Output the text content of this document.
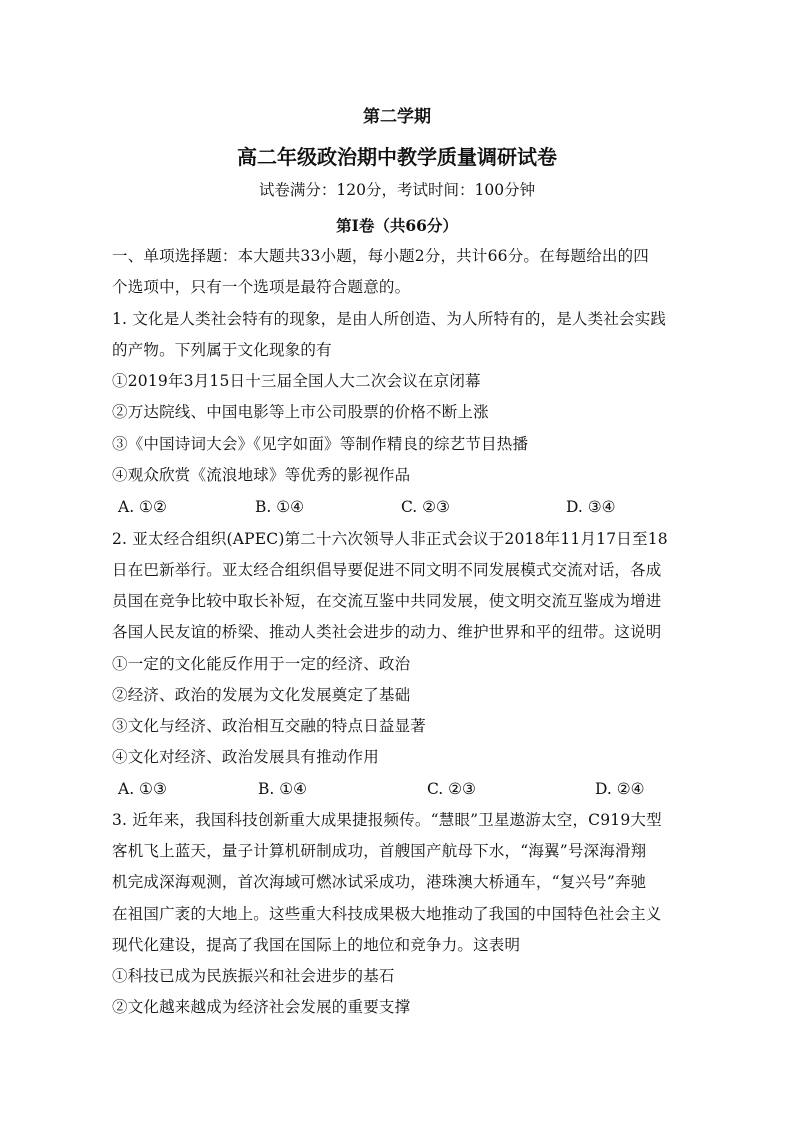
第二学期
高二年级政治期中教学质量调研试卷
试卷满分：120分，考试时间：100分钟
第Ⅰ卷（共66分）
一、单项选择题：本大题共33小题，每小题2分，共计66分。在每题给出的四
个选项中，只有一个选项是最符合题意的。
1. 文化是人类社会特有的现象，是由人所创造、为人所特有的，是人类社会实践
的产物。下列属于文化现象的有
①2019年3月15日十三届全国人大二次会议在京闭幕
②万达院线、中国电影等上市公司股票的价格不断上涨
③《中国诗词大会》《见字如面》等制作精良的综艺节目热播
④观众欣赏《流浪地球》等优秀的影视作品
A. ①②	B. ①④	C. ②③	D. ③④
2. 亚太经合组织(APEC)第二十六次领导人非正式会议于2018年11月17日至18
日在巴新举行。亚太经合组织倡导要促进不同文明不同发展模式交流对话，各成
员国在竞争比较中取长补短，在交流互鉴中共同发展，使文明交流互鉴成为增进
各国人民友谊的桥梁、推动人类社会进步的动力、维护世界和平的纽带。这说明
①一定的文化能反作用于一定的经济、政治
②经济、政治的发展为文化发展奠定了基础
③文化与经济、政治相互交融的特点日益显著
④文化对经济、政治发展具有推动作用
A. ①③	B. ①④	C. ②③	D. ②④
3. 近年来，我国科技创新重大成果捷报频传。“慧眼”卫星遨游太空，C919大型
客机飞上蓝天，量子计算机研制成功，首艘国产航母下水，“海翼”号深海滑翔
机完成深海观测，首次海域可燃冰试采成功，港珠澳大桥通车，“复兴号”奔驰
在祖国广袤的大地上。这些重大科技成果极大地推动了我国的中国特色社会主义
现代化建设，提高了我国在国际上的地位和竞争力。这表明
①科技已成为民族振兴和社会进步的基石
②文化越来越成为经济社会发展的重要支撑
